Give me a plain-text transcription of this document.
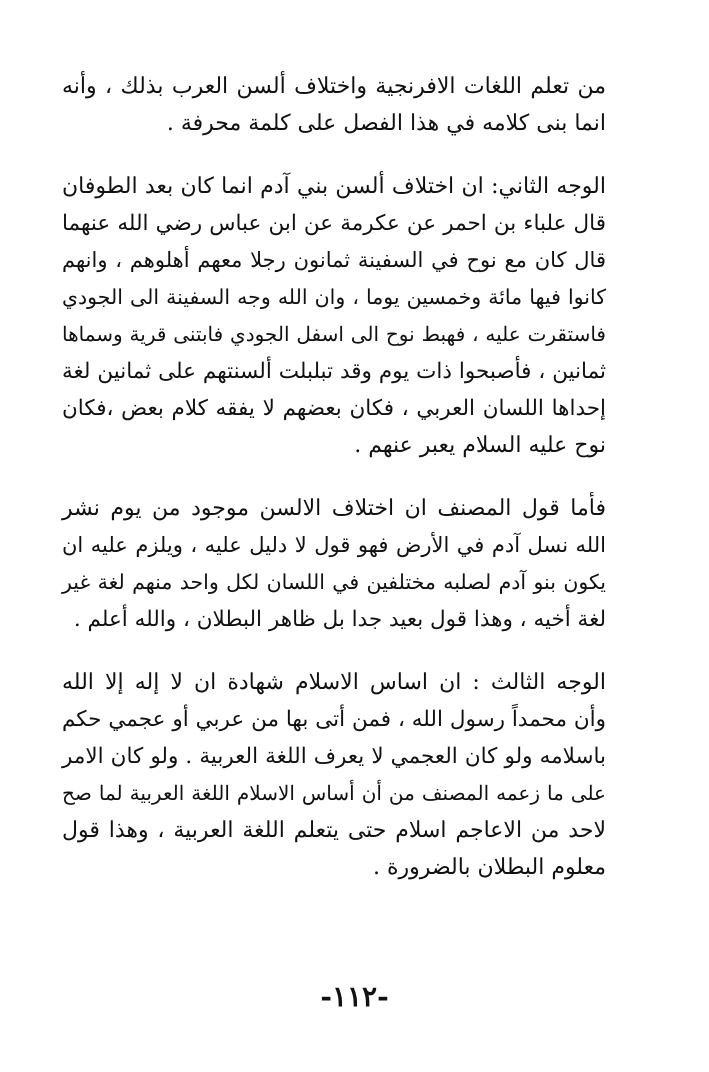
من تعلم اللغات الافرنجية واختلاف ألسن العرب بذلك ، وأنه
انما بنى كلامه في هذا الفصل على كلمة محرفة .
الوجه الثاني: ان اختلاف ألسن بني آدم انما كان بعد الطوفان
قال علباء بن احمر عن عكرمة عن ابن عباس رضي الله عنهما
قال كان مع نوح في السفينة ثمانون رجلا معهم أهلوهم ، وانهم
كانوا فيها مائة وخمسين يوما ، وان الله وجه السفينة الى الجودي
فاستقرت عليه ، فهبط نوح الى اسفل الجودي فابتنى قرية وسماها
ثمانين ، فأصبحوا ذات يوم وقد تبلبلت ألسنتهم على ثمانين لغة
إحداها اللسان العربي ، فكان بعضهم لا يفقه كلام بعض ،فكان
نوح عليه السلام يعبر عنهم .
فأما قول المصنف ان اختلاف الالسن موجود من يوم نشر
الله نسل آدم في الأرض فهو قول لا دليل عليه ، ويلزم عليه ان
يكون بنو آدم لصلبه مختلفين في اللسان لكل واحد منهم لغة غير
لغة أخيه ، وهذا قول بعيد جدا بل ظاهر البطلان ، والله أعلم .
الوجه الثالث : ان اساس الاسلام شهادة ان لا إله إلا الله
وأن محمداً رسول الله ، فمن أتى بها من عربي أو عجمي حكم
باسلامه ولو كان العجمي لا يعرف اللغة العربية . ولو كان الامر
على ما زعمه المصنف من أن أساس الاسلام اللغة العربية لما صح
لاحد من الاعاجم اسلام حتى يتعلم اللغة العربية ، وهذا قول
معلوم البطلان بالضرورة .
-١١٢-
